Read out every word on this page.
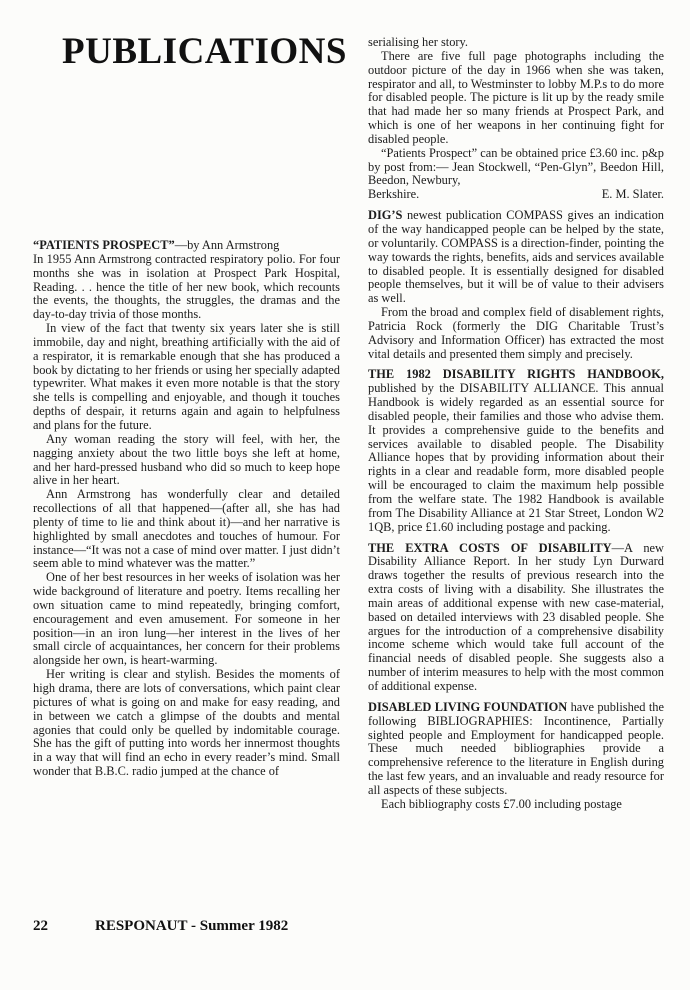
PUBLICATIONS

“PATIENTS PROSPECT”—by Ann Armstrong
In 1955 Ann Armstrong contracted respiratory polio. For four months she was in isolation at Prospect Park Hospital, Reading. . . hence the title of her new book, which recounts the events, the thoughts, the struggles, the dramas and the day-to-day trivia of those months.

In view of the fact that twenty six years later she is still immobile, day and night, breathing artificially with the aid of a respirator, it is remarkable enough that she has produced a book by dictating to her friends or using her specially adapted typewriter. What makes it even more notable is that the story she tells is compelling and enjoyable, and though it touches depths of despair, it returns again and again to helpfulness and plans for the future.

Any woman reading the story will feel, with her, the nagging anxiety about the two little boys she left at home, and her hard-pressed husband who did so much to keep hope alive in her heart.

Ann Armstrong has wonderfully clear and detailed recollections of all that happened—(after all, she has had plenty of time to lie and think about it)—and her narrative is highlighted by small anecdotes and touches of humour. For instance—“It was not a case of mind over matter. I just didn’t seem able to mind whatever was the matter.”

One of her best resources in her weeks of isolation was her wide background of literature and poetry. Items recalling her own situation came to mind repeatedly, bringing comfort, encouragement and even amusement. For someone in her position—in an iron lung—her interest in the lives of her small circle of acquaintances, her concern for their problems alongside her own, is heart-warming.

Her writing is clear and stylish. Besides the moments of high drama, there are lots of conversations, which paint clear pictures of what is going on and make for easy reading, and in between we catch a glimpse of the doubts and mental agonies that could only be quelled by indomitable courage. She has the gift of putting into words her innermost thoughts in a way that will find an echo in every reader’s mind. Small wonder that B.B.C. radio jumped at the chance of

serialising her story.

There are five full page photographs including the outdoor picture of the day in 1966 when she was taken, respirator and all, to Westminster to lobby M.P.s to do more for disabled people. The picture is lit up by the ready smile that had made her so many friends at Prospect Park, and which is one of her weapons in her continuing fight for disabled people.

“Patients Prospect” can be obtained price £3.60 inc. p&p by post from:— Jean Stockwell, “Pen-Glyn”, Beedon Hill, Beedon, Newbury,
Berkshire.	E. M. Slater.

DIG’S newest publication COMPASS gives an indication of the way handicapped people can be helped by the state, or voluntarily. COMPASS is a direction-finder, pointing the way towards the rights, benefits, aids and services available to disabled people. It is essentially designed for disabled people themselves, but it will be of value to their advisers as well.

From the broad and complex field of disablement rights, Patricia Rock (formerly the DIG Charitable Trust’s Advisory and Information Officer) has extracted the most vital details and presented them simply and precisely.

THE 1982 DISABILITY RIGHTS HANDBOOK, published by the DISABILITY ALLIANCE. This annual Handbook is widely regarded as an essential source for disabled people, their families and those who advise them. It provides a comprehensive guide to the benefits and services available to disabled people. The Disability Alliance hopes that by providing information about their rights in a clear and readable form, more disabled people will be encouraged to claim the maximum help possible from the welfare state. The 1982 Handbook is available from The Disability Alliance at 21 Star Street, London W2 1QB, price £1.60 including postage and packing.

THE EXTRA COSTS OF DISABILITY—A new Disability Alliance Report. In her study Lyn Durward draws together the results of previous research into the extra costs of living with a disability. She illustrates the main areas of additional expense with new case-material, based on detailed interviews with 23 disabled people. She argues for the introduction of a comprehensive disability income scheme which would take full account of the financial needs of disabled people. She suggests also a number of interim measures to help with the most common of additional expense.

DISABLED LIVING FOUNDATION have published the following BIBLIOGRAPHIES: Incontinence, Partially sighted people and Employment for handicapped people. These much needed bibliographies provide a comprehensive reference to the literature in English during the last few years, and an invaluable and ready resource for all aspects of these subjects.

Each bibliography costs £7.00 including postage

22	RESPONAUT - Summer 1982
